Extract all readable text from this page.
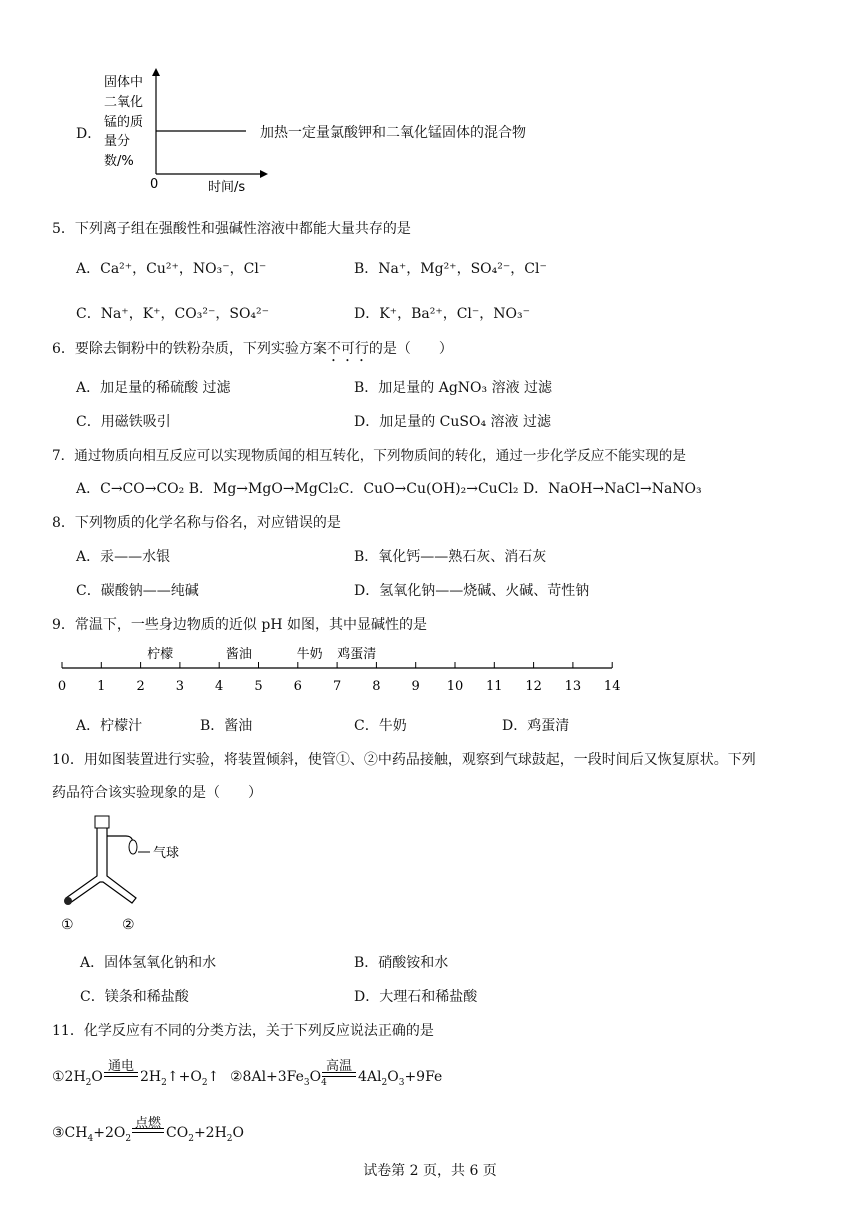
D．
固体中
二氧化
锰的质
量分
数/%
0	时间/s
加热一定量氯酸钾和二氧化锰固体的混合物
5．下列离子组在强酸性和强碱性溶液中都能大量共存的是
A．Ca²⁺，Cu²⁺，NO₃⁻，Cl⁻	B．Na⁺，Mg²⁺，SO₄²⁻，Cl⁻
C．Na⁺，K⁺，CO₃²⁻，SO₄²⁻	D．K⁺，Ba²⁺，Cl⁻，NO₃⁻
6．要除去铜粉中的铁粉杂质，下列实验方案不可行的是（　　）
A．加足量的稀硫酸 过滤	B．加足量的 AgNO₃ 溶液 过滤
C．用磁铁吸引	D．加足量的 CuSO₄ 溶液 过滤
7．通过物质向相互反应可以实现物质闻的相互转化，下列物质间的转化，通过一步化学反应不能实现的是
A．C→CO→CO₂ B．Mg→MgO→MgCl₂C．CuO→Cu(OH)₂→CuCl₂ D．NaOH→NaCl→NaNO₃
8．下列物质的化学名称与俗名，对应错误的是
A．汞——水银	B．氧化钙——熟石灰、消石灰
C．碳酸钠——纯碱	D．氢氧化钠——烧碱、火碱、苛性钠
9．常温下，一些身边物质的近似 pH 如图，其中显碱性的是
柠檬	酱油	牛奶 鸡蛋清
0 1 2 3 4 5 6 7 8 9 10 11 12 13 14
A．柠檬汁	B．酱油	C．牛奶	D．鸡蛋清
10．用如图装置进行实验，将装置倾斜，使管①、②中药品接触，观察到气球鼓起，一段时间后又恢复原状。下列
药品符合该实验现象的是（　　）
气球
①	②
A．固体氢氧化钠和水	B．硝酸铵和水
C．镁条和稀盐酸	D．大理石和稀盐酸
11．化学反应有不同的分类方法，关于下列反应说法正确的是
$①2H_2O$
通电
$2H_2↑+O_2↑$ $②8Al+3Fe_3O_4$
高温
$4Al_2O_3+9Fe$
$③CH_4+2O_2$
点燃
$CO_2+2H_2O$
试卷第 2 页，共 6 页
